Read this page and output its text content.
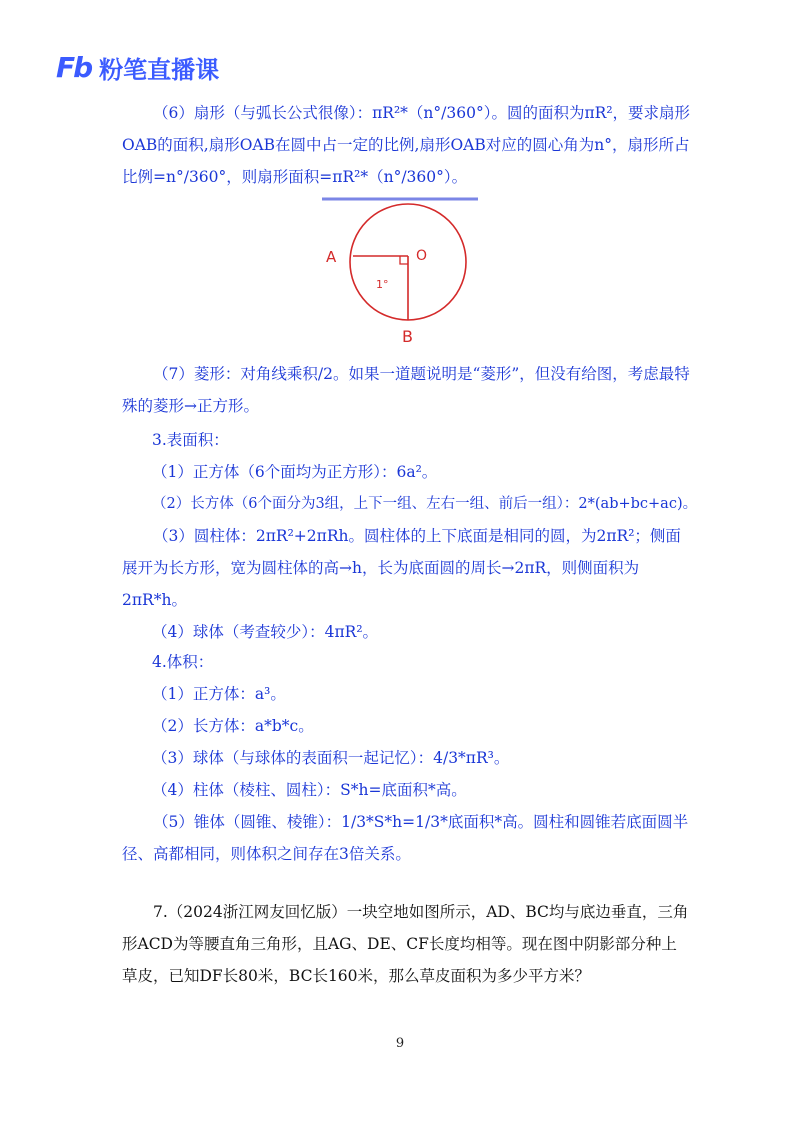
Fb 粉笔直播课

（6）扇形（与弧长公式很像）：πR²*（n°/360°）。圆的面积为πR²，要求扇形OAB的面积,扇形OAB在圆中占一定的比例,扇形OAB对应的圆心角为n°，扇形所占比例=n°/360°，则扇形面积=πR²*（n°/360°）。

A	O
B
1°

（7）菱形：对角线乘积/2。如果一道题说明是“菱形”，但没有给图，考虑最特殊的菱形→正方形。

3.表面积：

（1）正方体（6个面均为正方形）：6a²。

（2）长方体（6个面分为3组，上下一组、左右一组、前后一组）：2*(ab+bc+ac)。

（3）圆柱体：2πR²+2πRh。圆柱体的上下底面是相同的圆，为2πR²；侧面展开为长方形，宽为圆柱体的高→h，长为底面圆的周长→2πR，则侧面积为2πR*h。

（4）球体（考查较少）：4πR²。

4.体积：

（1）正方体：a³。

（2）长方体：a*b*c。

（3）球体（与球体的表面积一起记忆）：4/3*πR³。

（4）柱体（棱柱、圆柱）：S*h=底面积*高。

（5）锥体（圆锥、棱锥）：1/3*S*h=1/3*底面积*高。圆柱和圆锥若底面圆半径、高都相同，则体积之间存在3倍关系。

7.（2024浙江网友回忆版）一块空地如图所示，AD、BC均与底边垂直，三角形ACD为等腰直角三角形，且AG、DE、CF长度均相等。现在图中阴影部分种上草皮，已知DF长80米，BC长160米，那么草皮面积为多少平方米？

9
